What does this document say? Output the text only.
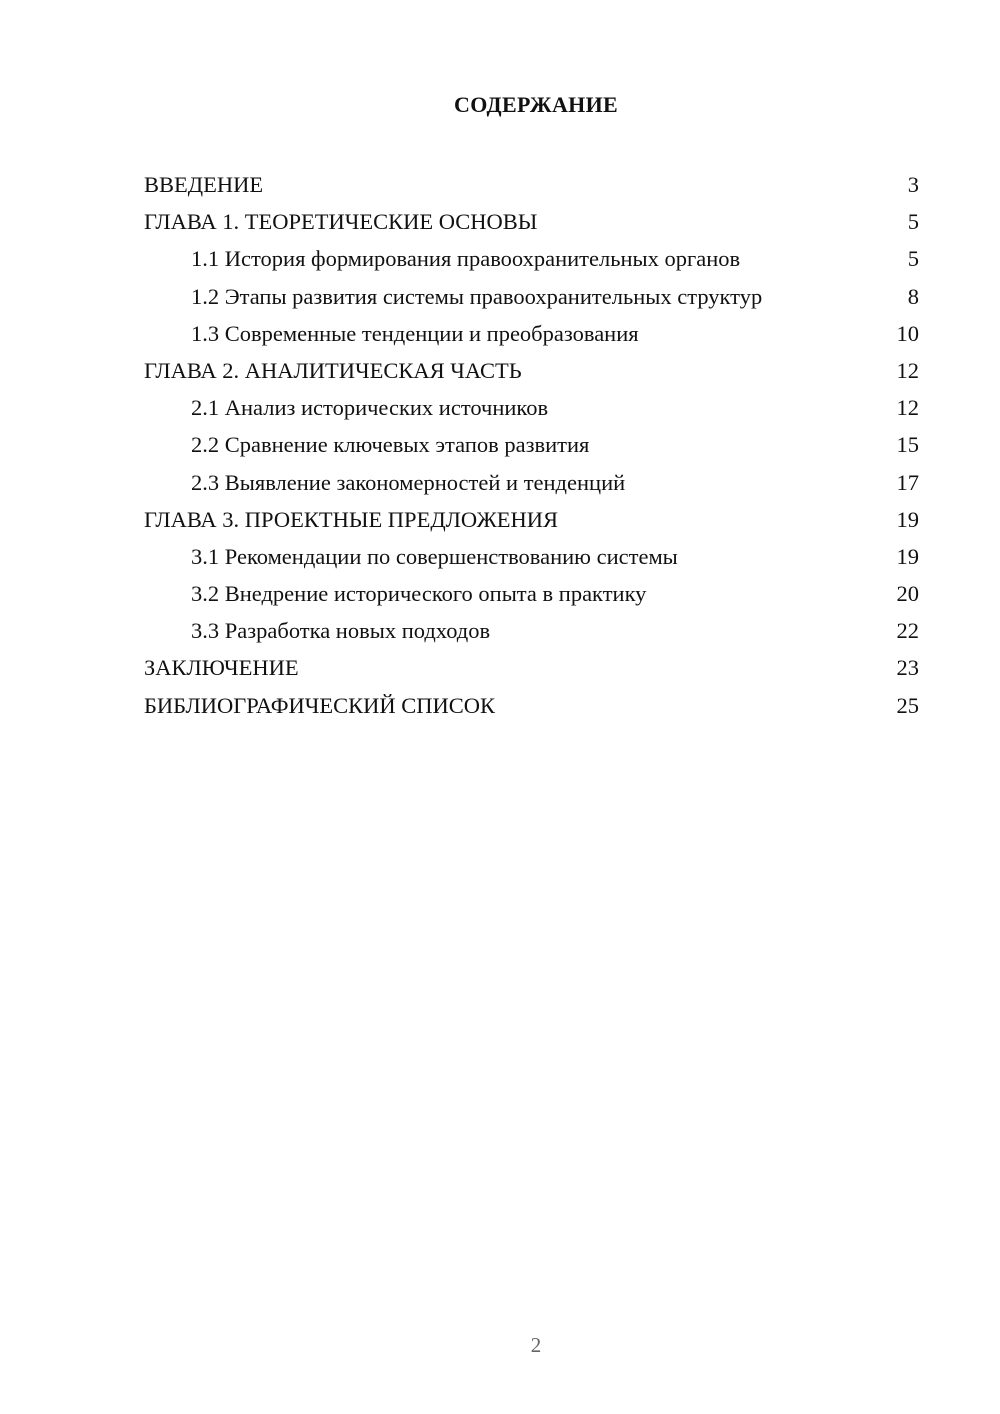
СОДЕРЖАНИЕ
ВВЕДЕНИЕ	3
ГЛАВА 1. ТЕОРЕТИЧЕСКИЕ ОСНОВЫ	5
1.1 История формирования правоохранительных органов	5
1.2 Этапы развития системы правоохранительных структур	8
1.3 Современные тенденции и преобразования	10
ГЛАВА 2. АНАЛИТИЧЕСКАЯ ЧАСТЬ	12
2.1 Анализ исторических источников	12
2.2 Сравнение ключевых этапов развития	15
2.3 Выявление закономерностей и тенденций	17
ГЛАВА 3. ПРОЕКТНЫЕ ПРЕДЛОЖЕНИЯ	19
3.1 Рекомендации по совершенствованию системы	19
3.2 Внедрение исторического опыта в практику	20
3.3 Разработка новых подходов	22
ЗАКЛЮЧЕНИЕ	23
БИБЛИОГРАФИЧЕСКИЙ СПИСОК	25
2
